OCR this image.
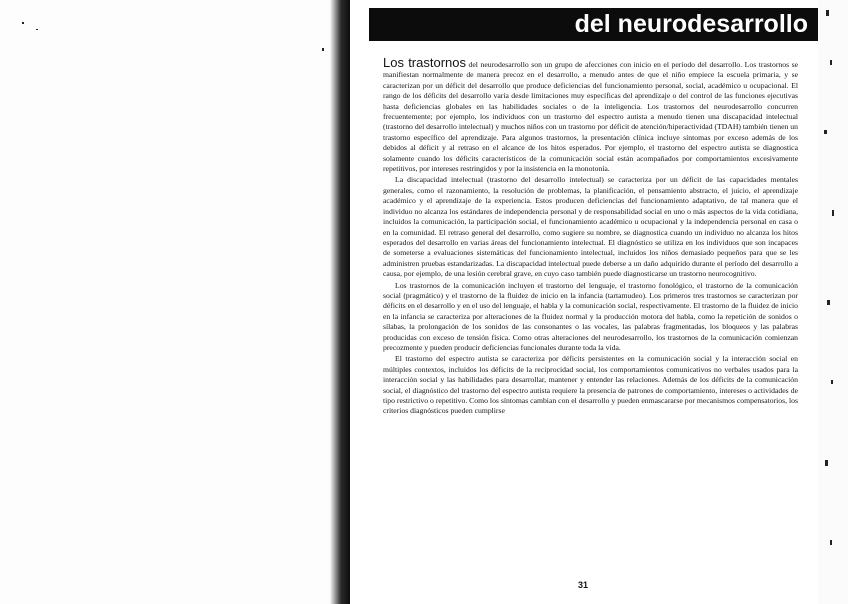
del neurodesarrollo

Los trastornos del neurodesarrollo son un grupo de afecciones con inicio en el período del desarrollo. Los trastornos se manifiestan normalmente de manera precoz en el desarrollo, a menudo antes de que el niño empiece la escuela primaria, y se caracterizan por un déficit del desarrollo que produce deficiencias del funcionamiento personal, social, académico u ocupacional. El rango de los déficits del desarrollo varía desde limitaciones muy específicas del aprendizaje o del control de las funciones ejecutivas hasta deficiencias globales en las habilidades sociales o de la inteligencia. Los trastornos del neurodesarrollo concurren frecuentemente; por ejemplo, los individuos con un trastorno del espectro autista a menudo tienen una discapacidad intelectual (trastorno del desarrollo intelectual) y muchos niños con un trastorno por déficit de atención/hiperactividad (TDAH) también tienen un trastorno específico del aprendizaje. Para algunos trastornos, la presentación clínica incluye síntomas por exceso además de los debidos al déficit y al retraso en el alcance de los hitos esperados. Por ejemplo, el trastorno del espectro autista se diagnostica solamente cuando los déficits característicos de la comunicación social están acompañados por comportamientos excesivamente repetitivos, por intereses restringidos y por la insistencia en la monotonía.

La discapacidad intelectual (trastorno del desarrollo intelectual) se caracteriza por un déficit de las capacidades mentales generales, como el razonamiento, la resolución de problemas, la planificación, el pensamiento abstracto, el juicio, el aprendizaje académico y el aprendizaje de la experiencia. Estos producen deficiencias del funcionamiento adaptativo, de tal manera que el individuo no alcanza los estándares de independencia personal y de responsabilidad social en uno o más aspectos de la vida cotidiana, incluidos la comunicación, la participación social, el funcionamiento académico u ocupacional y la independencia personal en casa o en la comunidad. El retraso general del desarrollo, como sugiere su nombre, se diagnostica cuando un individuo no alcanza los hitos esperados del desarrollo en varias áreas del funcionamiento intelectual. El diagnóstico se utiliza en los individuos que son incapaces de someterse a evaluaciones sistemáticas del funcionamiento intelectual, incluidos los niños demasiado pequeños para que se les administren pruebas estandarizadas. La discapacidad intelectual puede deberse a un daño adquirido durante el período del desarrollo a causa, por ejemplo, de una lesión cerebral grave, en cuyo caso también puede diagnosticarse un trastorno neurocognitivo.

Los trastornos de la comunicación incluyen el trastorno del lenguaje, el trastorno fonológico, el trastorno de la comunicación social (pragmático) y el trastorno de la fluidez de inicio en la infancia (tartamudeo). Los primeros tres trastornos se caracterizan por déficits en el desarrollo y en el uso del lenguaje, el habla y la comunicación social, respectivamente. El trastorno de la fluidez de inicio en la infancia se caracteriza por alteraciones de la fluidez normal y la producción motora del habla, como la repetición de sonidos o sílabas, la prolongación de los sonidos de las consonantes o las vocales, las palabras fragmentadas, los bloqueos y las palabras producidas con exceso de tensión física. Como otras alteraciones del neurodesarrollo, los trastornos de la comunicación comienzan precozmente y pueden producir deficiencias funcionales durante toda la vida.

El trastorno del espectro autista se caracteriza por déficits persistentes en la comunicación social y la interacción social en múltiples contextos, incluidos los déficits de la reciprocidad social, los comportamientos comunicativos no verbales usados para la interacción social y las habilidades para desarrollar, mantener y entender las relaciones. Además de los déficits de la comunicación social, el diagnóstico del trastorno del espectro autista requiere la presencia de patrones de comportamiento, intereses o actividades de tipo restrictivo o repetitivo. Como los síntomas cambian con el desarrollo y pueden enmascararse por mecanismos compensatorios, los criterios diagnósticos pueden cumplirse

31
